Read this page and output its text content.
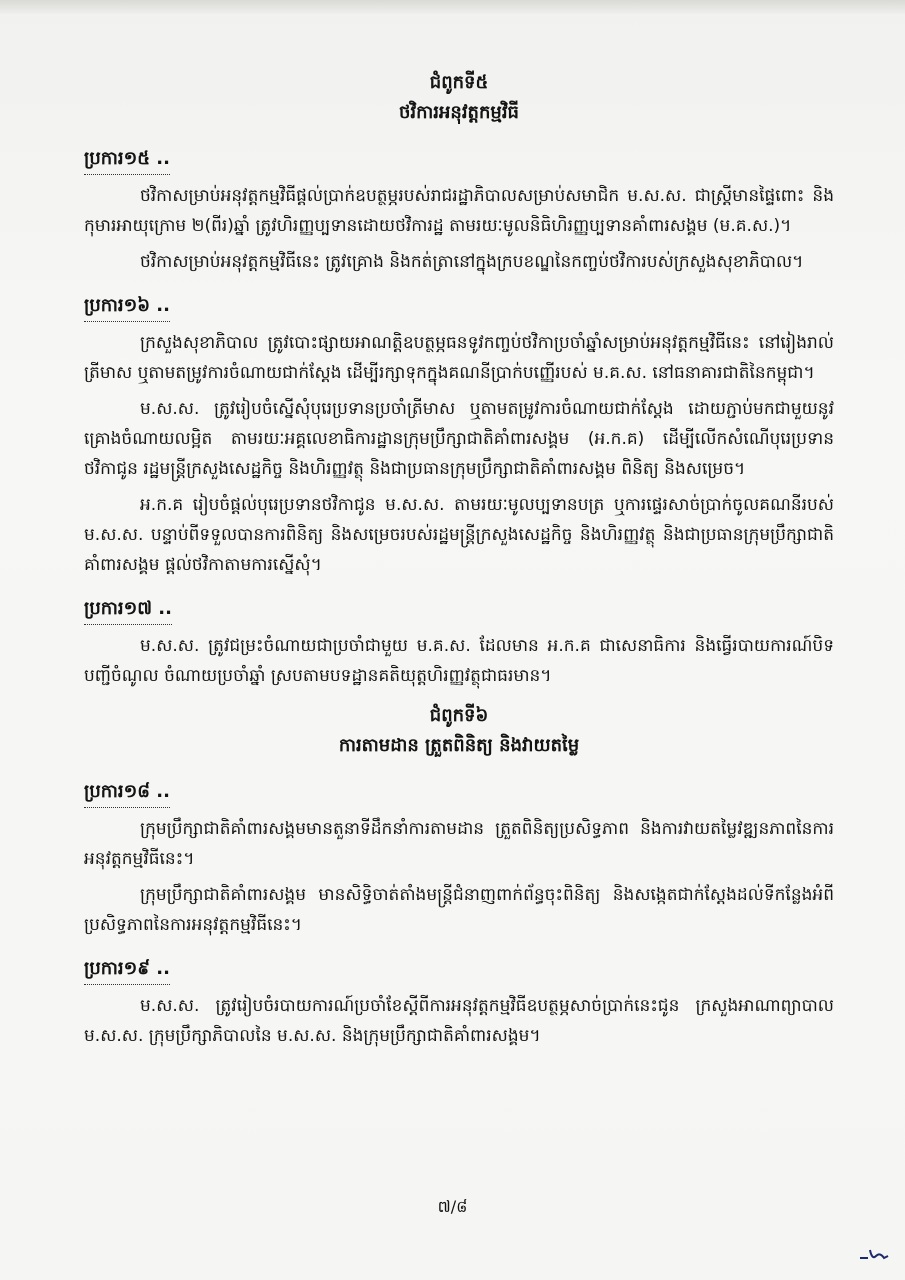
ជំពូកទី៥

ថវិការអនុវត្តកម្មវិធី

ប្រការ១៥ ..

ថវិកាសម្រាប់អនុវត្តកម្មវិធីផ្ដល់ប្រាក់ឧបត្ថម្ភរបស់រាជរដ្ឋាភិបាលសម្រាប់សមាជិក ម.ស.ស. ជាស្ត្រីមានផ្ទៃពោះ និងកុមារអាយុក្រោម ២(ពីរ)ឆ្នាំ ត្រូវហិរញ្ញប្បទានដោយថវិការដ្ឋ តាមរយៈមូលនិធិហិរញ្ញប្បទានគាំពារសង្គម (ម.គ.ស.)។

ថវិកាសម្រាប់អនុវត្តកម្មវិធីនេះ ត្រូវគ្រោង និងកត់ត្រានៅក្នុងក្របខណ្ឌនៃកញ្ចប់ថវិការបស់ក្រសួងសុខាភិបាល។

ប្រការ១៦ ..

ក្រសួងសុខាភិបាល ត្រូវបោះផ្សាយអាណត្តិឧបត្ថម្ភធនទូវកញ្ចប់ថវិកាប្រចាំឆ្នាំសម្រាប់អនុវត្តកម្មវិធីនេះ នៅរៀងរាល់ត្រីមាស ឬតាមតម្រូវការចំណាយជាក់ស្ដែង ដើម្បីរក្សាទុកក្នុងគណនីប្រាក់បញ្ញើរបស់ ម.គ.ស. នៅធនាគារជាតិនៃកម្ពុជា។

ម.ស.ស. ត្រូវរៀបចំស្នើសុំបុរេប្រទានប្រចាំត្រីមាស ឬតាមតម្រូវការចំណាយជាក់ស្ដែង ដោយភ្ជាប់មកជាមួយនូវគ្រោងចំណាយលម្អិត តាមរយៈអគ្គលេខាធិការដ្ឋានក្រុមប្រឹក្សាជាតិគាំពារសង្គម (អ.ក.គ) ដើម្បីលើកសំណើបុរេប្រទានថវិកាជូន រដ្ឋមន្ត្រីក្រសួងសេដ្ឋកិច្ច និងហិរញ្ញវត្ថុ និងជាប្រធានក្រុមប្រឹក្សាជាតិគាំពារសង្គម ពិនិត្យ និងសម្រេច។

អ.ក.គ រៀបចំផ្ដល់បុរេប្រទានថវិកាជូន ម.ស.ស. តាមរយៈមូលប្បទានបត្រ ឬការផ្ទេរសាច់ប្រាក់ចូលគណនីរបស់ ម.ស.ស. បន្ទាប់ពីទទួលបានការពិនិត្យ និងសម្រេចរបស់រដ្ឋមន្ត្រីក្រសួងសេដ្ឋកិច្ច និងហិរញ្ញវត្ថុ និងជាប្រធានក្រុមប្រឹក្សាជាតិគាំពារសង្គម ផ្ដល់ថវិកាតាមការស្នើសុំ។

ប្រការ១៧ ..

ម.ស.ស. ត្រូវជម្រះចំណាយជាប្រចាំជាមួយ ម.គ.ស. ដែលមាន អ.ក.គ ជាសេនាធិការ និងធ្វើរបាយការណ៍បិទបញ្ជីចំណូល ចំណាយប្រចាំឆ្នាំ ស្របតាមបទដ្ឋានគតិយុត្តហិរញ្ញវត្ថុជាធរមាន។

ជំពូកទី៦

ការតាមដាន ត្រួតពិនិត្យ និងវាយតម្លៃ

ប្រការ១៨ ..

ក្រុមប្រឹក្សាជាតិគាំពារសង្គមមានតួនាទីដឹកនាំការតាមដាន ត្រួតពិនិត្យប្រសិទ្ធភាព និងការវាយតម្លៃវឌ្ឍនភាពនៃការអនុវត្តកម្មវិធីនេះ។

ក្រុមប្រឹក្សាជាតិគាំពារសង្គម មានសិទ្ធិចាត់តាំងមន្ត្រីជំនាញពាក់ព័ន្ធចុះពិនិត្យ និងសង្កេតជាក់ស្ដែងដល់ទីកន្លែងអំពីប្រសិទ្ធភាពនៃការអនុវត្តកម្មវិធីនេះ។

ប្រការ១៩ ..

ម.ស.ស. ត្រូវរៀបចំរបាយការណ៍ប្រចាំខែស្ដីពីការអនុវត្តកម្មវិធីឧបត្ថម្ភសាច់ប្រាក់នេះជូន ក្រសួងអាណាព្យាបាល ម.ស.ស. ក្រុមប្រឹក្សាភិបាលនៃ ម.ស.ស. និងក្រុមប្រឹក្សាជាតិគាំពារសង្គម។

៧/៨
